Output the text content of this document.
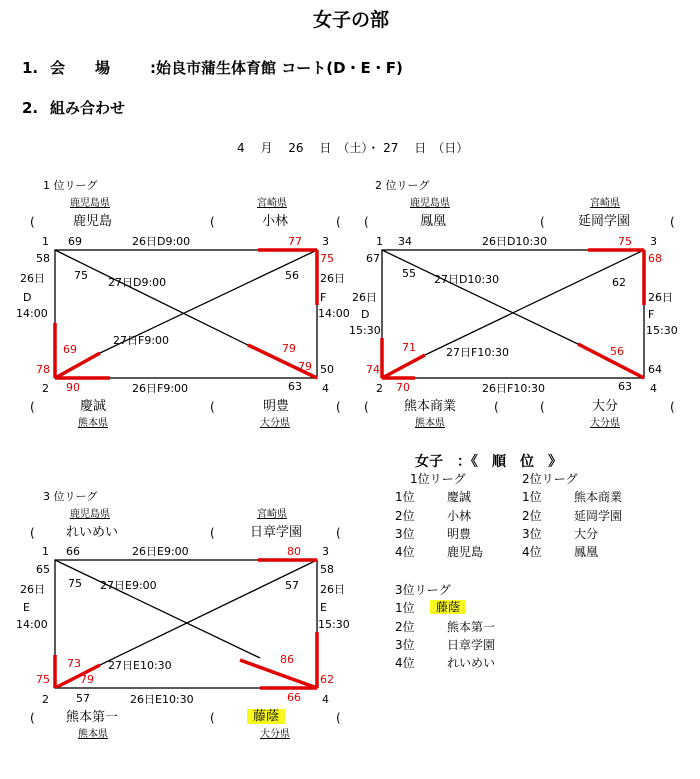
女子の部
1. 会　　場	:始良市蒲生体育館 コート(D・E・F)
2. 組み合わせ
4　 月　 26　 日　（土）・ 27　 日　（日）
1 位リーグ
鹿児島県	宮崎県
(	鹿児島	(	小林	(
1 69	26日D9:00	77 3
58
26日
D
14:00
78
75
26日
F
14:00
50
75
27日D9:00
56
27日F9:00
69	79
79
2 90	26日F9:00	63 4
(	慶誠	(	明豊	(
熊本県	大分県
2 位リーグ
鹿児島県	宮崎県
(	鳳凰	(	延岡学園	(
1 34	26日D10:30	75 3
67
26日
D
15:30
74
68
26日
F
15:30
64
55 27日D10:30	62
27日F10:30
71	56
2 70	26日F10:30	63 4
(	熊本商業	(	(	大分	(
熊本県	大分県
3 位リーグ
鹿児島県	宮崎県
( れいめい	(	日章学園	(
1 66	26日E9:00	80 3
65
26日
E
14:00
75
58
26日
E
15:30
62
75 27日E9:00	57
27日E10:30
73
79
86
2 57	26日E10:30	66 4
( 熊本第一	(	藤蔭	(
熊本県	大分県
女子　：《　順　位　》
1位リーグ	2位リーグ
1位	慶誠
2位	小林
3位	明豊
4位	鹿児島
1位	熊本商業
2位	延岡学園
3位	大分
4位	鳳凰
3位リーグ
1位	藤蔭
2位	熊本第一
3位	日章学園
4位	れいめい
